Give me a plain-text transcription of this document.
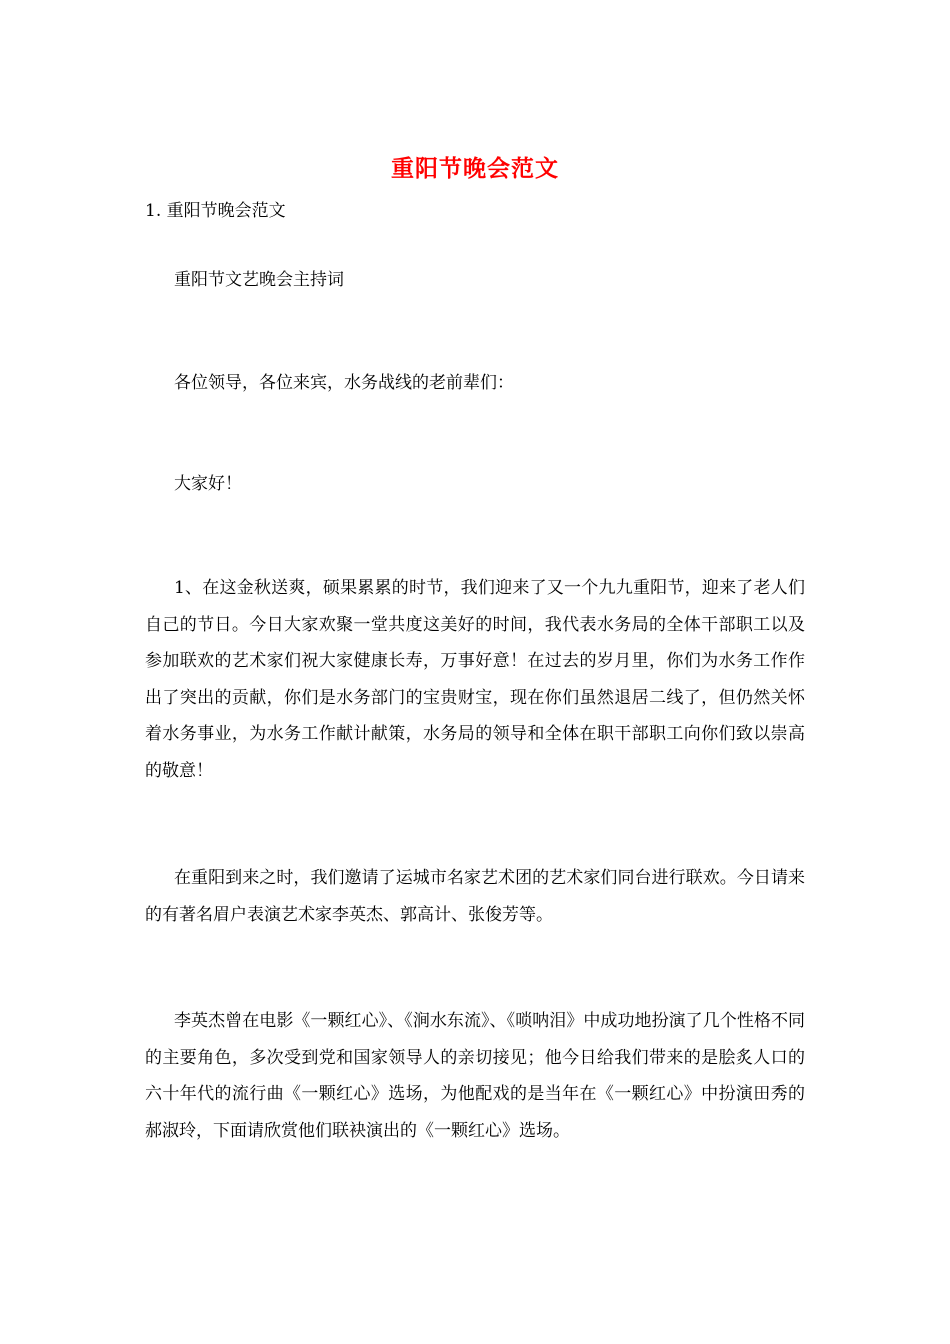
重阳节晚会范文
1. 重阳节晚会范文

重阳节文艺晚会主持词

各位领导，各位来宾，水务战线的老前辈们：

大家好！

1、在这金秋送爽，硕果累累的时节，我们迎来了又一个九九重阳节，迎来了老人们自己的节日。今日大家欢聚一堂共度这美好的时间，我代表水务局的全体干部职工以及参加联欢的艺术家们祝大家健康长寿，万事好意！在过去的岁月里，你们为水务工作作出了突出的贡献，你们是水务部门的宝贵财宝，现在你们虽然退居二线了，但仍然关怀着水务事业，为水务工作献计献策，水务局的领导和全体在职干部职工向你们致以崇高的敬意！

在重阳到来之时，我们邀请了运城市名家艺术团的艺术家们同台进行联欢。今日请来的有著名眉户表演艺术家李英杰、郭高计、张俊芳等。

李英杰曾在电影《一颗红心》、《涧水东流》、《唢呐泪》中成功地扮演了几个性格不同的主要角色，多次受到党和国家领导人的亲切接见；他今日给我们带来的是脍炙人口的六十年代的流行曲《一颗红心》选场，为他配戏的是当年在《一颗红心》中扮演田秀的郝淑玲，下面请欣赏他们联袂演出的《一颗红心》选场。
